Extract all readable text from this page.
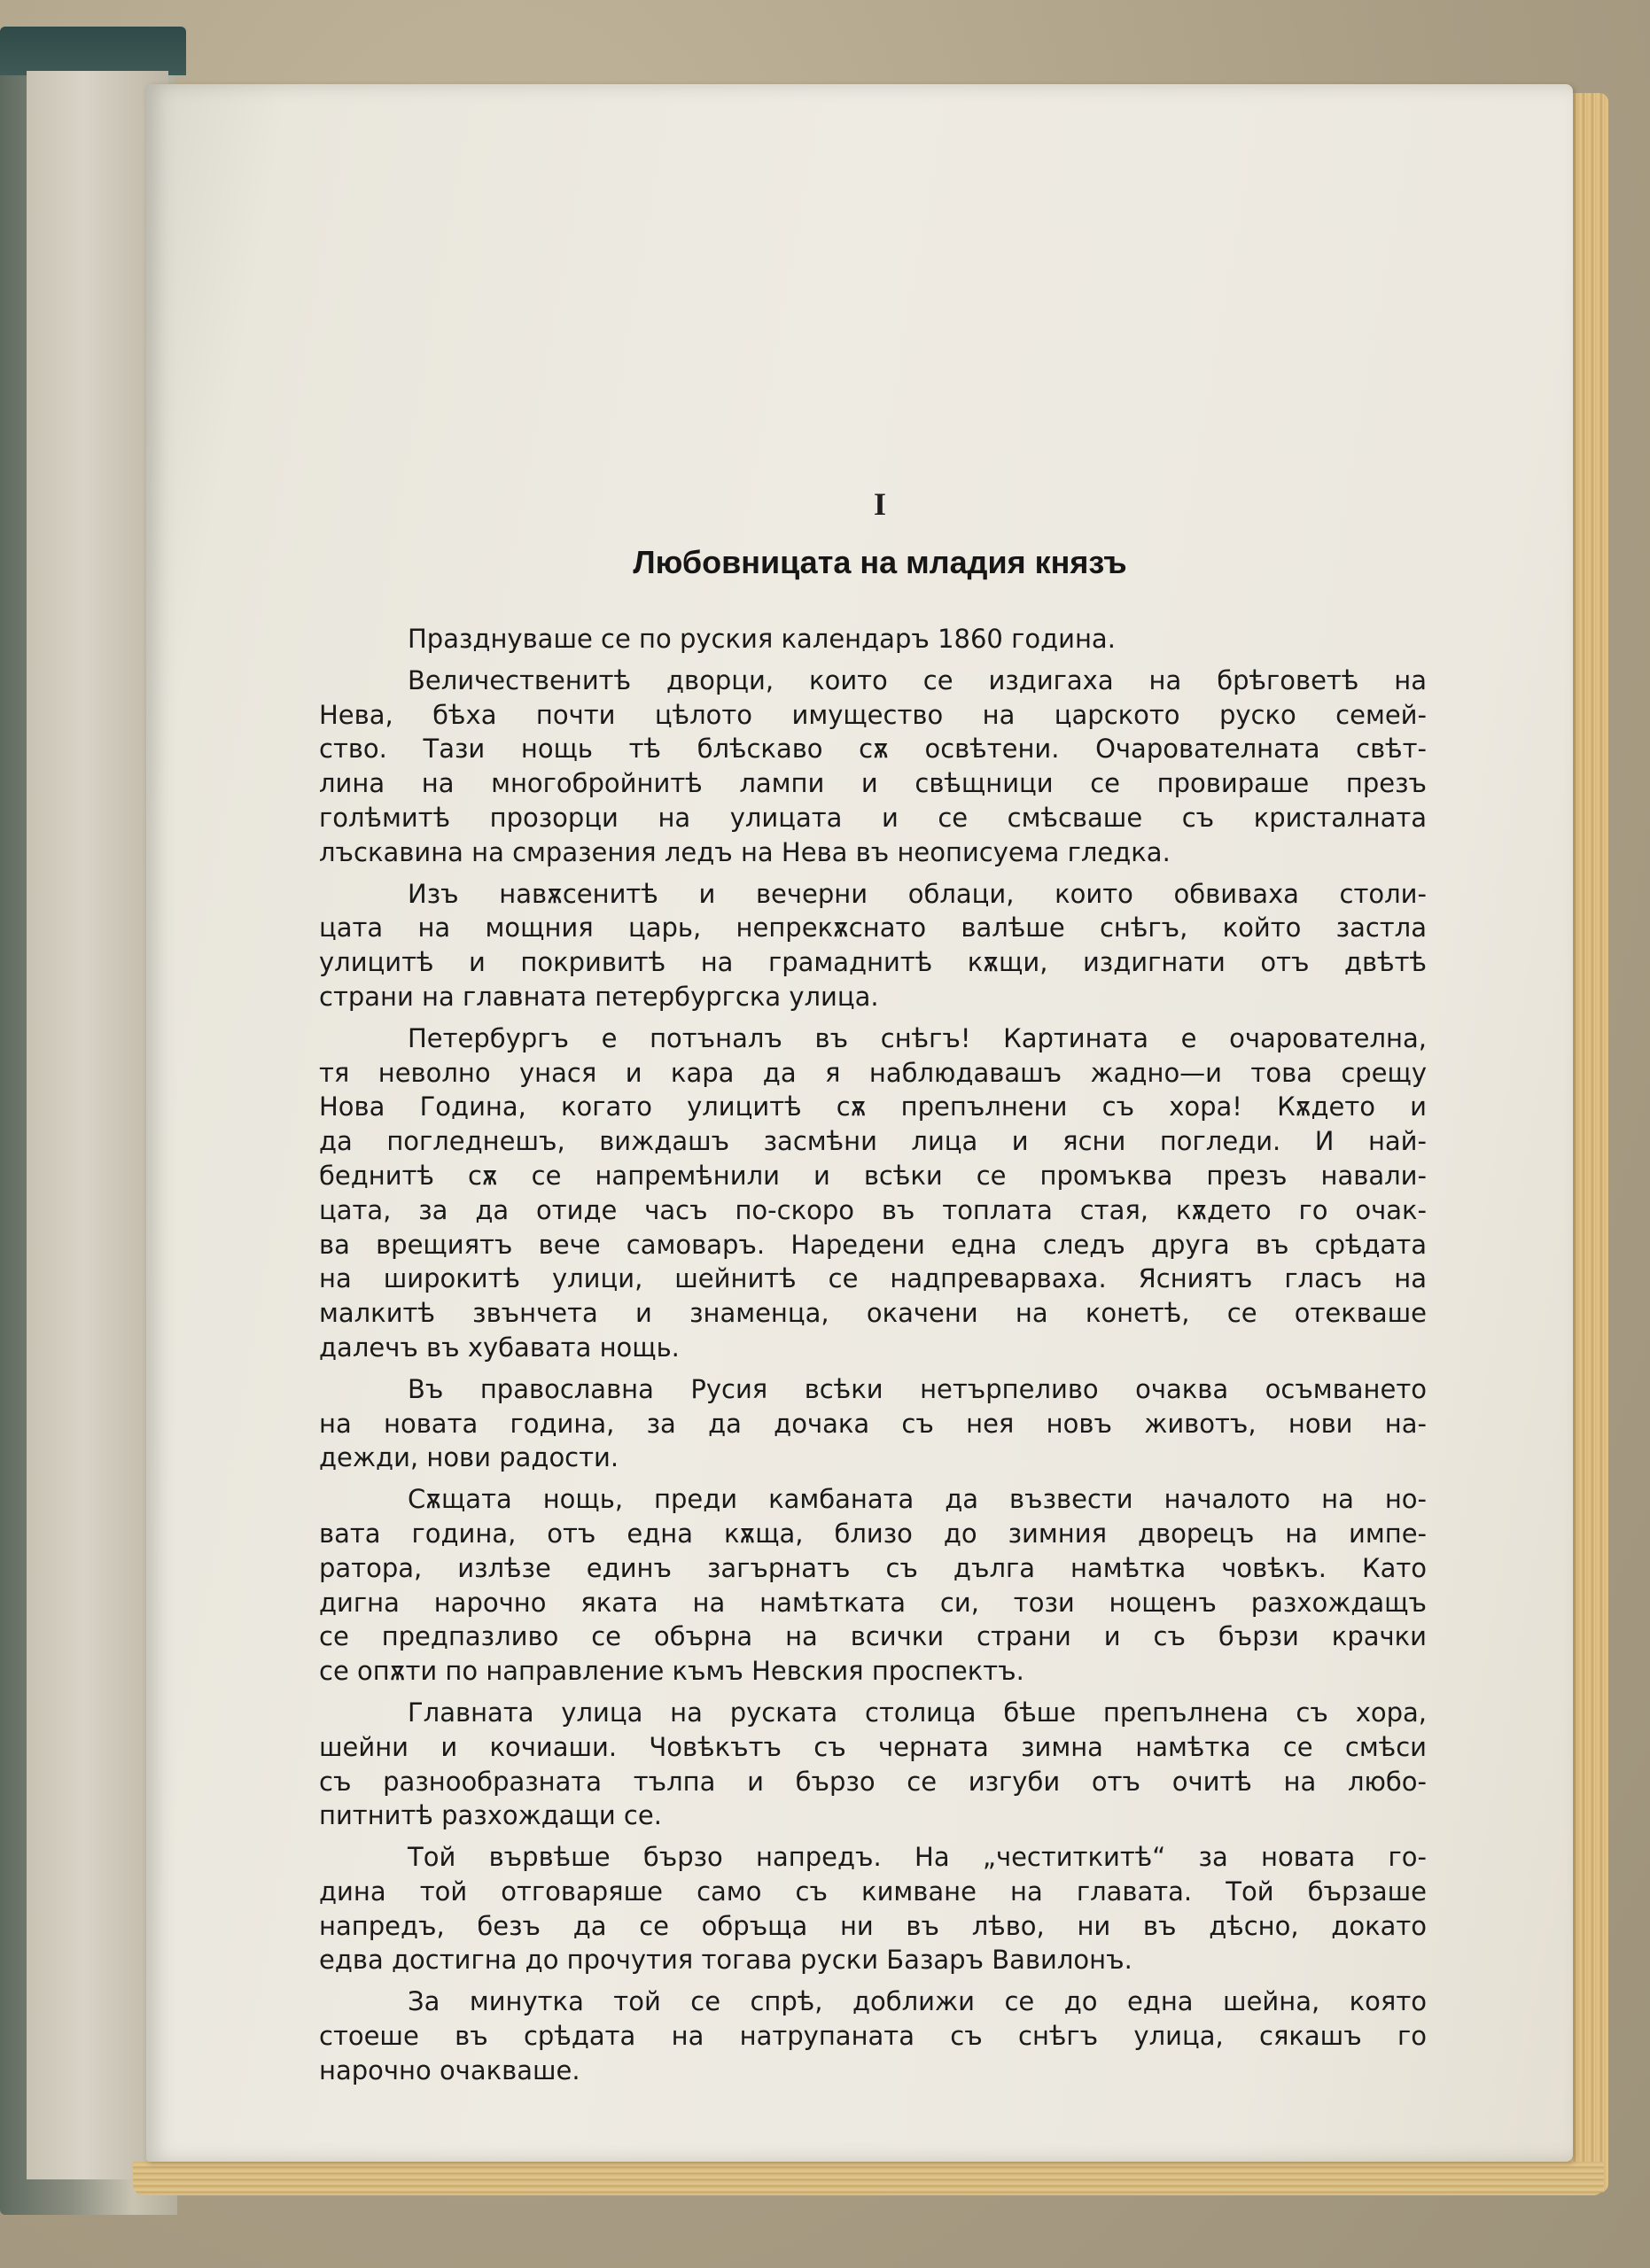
I
Любовницата на младия князъ
Празднуваше се по руския календаръ 1860 година.
Величественитѣ дворци, които се издигаха на брѣговетѣ на
Нева, бѣха почти цѣлото имущество на царското руско семей-
ство. Тази нощь тѣ блѣскаво сѫ освѣтени. Очарователната свѣт-
лина на многобройнитѣ лампи и свѣщници се провираше презъ
голѣмитѣ прозорци на улицата и се смѣсваше съ кристалната
лъскавина на смразения ледъ на Нева въ неописуема гледка.
Изъ навѫсенитѣ и вечерни облаци, които обвиваха столи-
цата на мощния царь, непрекѫснато валѣше снѣгъ, който застла
улицитѣ и покривитѣ на грамаднитѣ кѫщи, издигнати отъ двѣтѣ
страни на главната петербургска улица.
Петербургъ е потъналъ въ снѣгъ! Картината е очарователна,
тя неволно унася и кара да я наблюдавашъ жадно—и това срещу
Нова Година, когато улицитѣ сѫ препълнени съ хора! Кѫдето и
да погледнешъ, виждашъ засмѣни лица и ясни погледи. И най-
беднитѣ сѫ се напремѣнили и всѣки се промъква презъ навали-
цата, за да отиде часъ по-скоро въ топлата стая, кѫдето го очак-
ва врещиятъ вече самоваръ. Наредени една следъ друга въ срѣдата
на широкитѣ улици, шейнитѣ се надпреварваха. Ясниятъ гласъ на
малкитѣ звънчета и знаменца, окачени на конетѣ, се отекваше
далечъ въ хубавата нощь.
Въ православна Русия всѣки нетърпеливо очаква осъмването
на новата година, за да дочака съ нея новъ животъ, нови на-
дежди, нови радости.
Сѫщата нощь, преди камбаната да възвести началото на но-
вата година, отъ една кѫща, близо до зимния дворецъ на импе-
ратора, излѣзе единъ загърнатъ съ дълга намѣтка човѣкъ. Като
дигна нарочно яката на намѣтката си, този нощенъ разхождащъ
се предпазливо се обърна на всички страни и съ бързи крачки
се опѫти по направление къмъ Невския проспектъ.
Главната улица на руската столица бѣше препълнена съ хора,
шейни и кочиаши. Човѣкътъ съ черната зимна намѣтка се смѣси
съ разнообразната тълпа и бързо се изгуби отъ очитѣ на любо-
питнитѣ разхождащи се.
Той вървѣше бързо напредъ. На „честиткитѣ“ за новата го-
дина той отговаряше само съ кимване на главата. Той бързаше
напредъ, безъ да се обръща ни въ лѣво, ни въ дѣсно, докато
едва достигна до прочутия тогава руски Базаръ Вавилонъ.
За минутка той се спрѣ, доближи се до една шейна, която
стоеше въ срѣдата на натрупаната съ снѣгъ улица, сякашъ го
нарочно очакваше.
